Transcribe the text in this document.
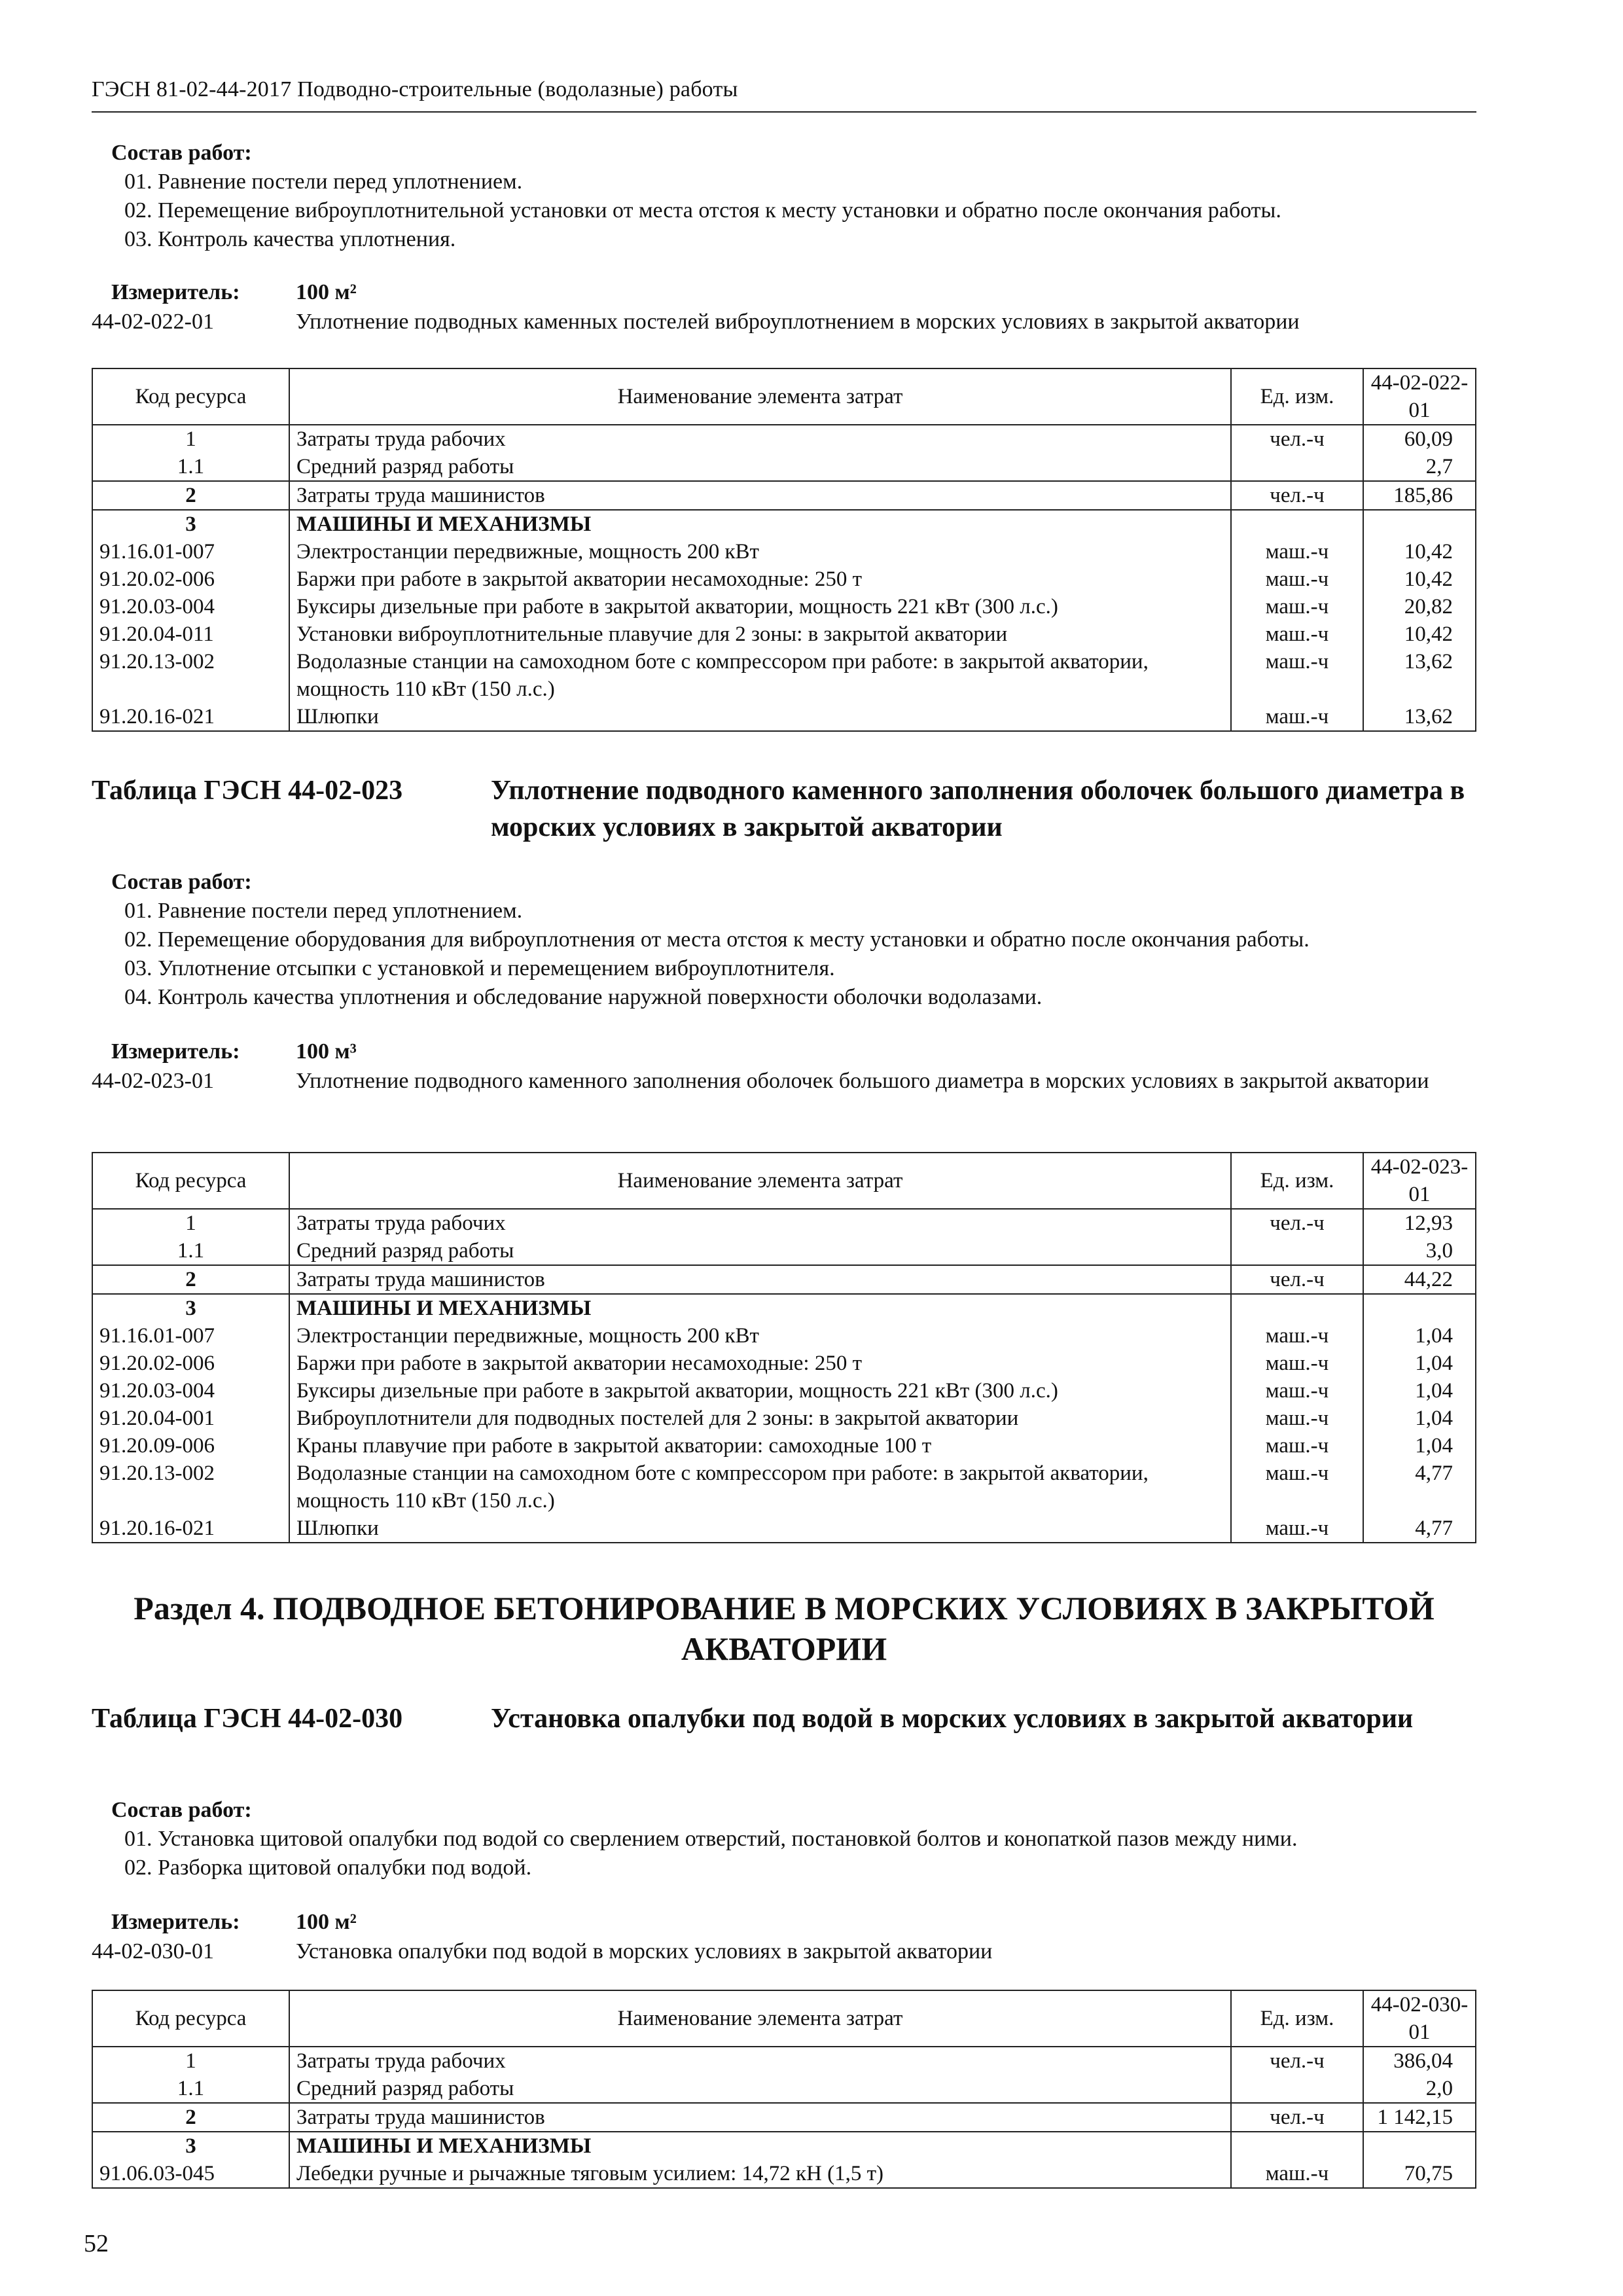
ГЭСН 81-02-44-2017 Подводно-строительные (водолазные) работы
Состав работ:
01. Равнение постели перед уплотнением.
02. Перемещение виброуплотнительной установки от места отстоя к месту установки и обратно после окончания работы.
03. Контроль качества уплотнения.
Измеритель:	100 м²
44-02-022-01	Уплотнение подводных каменных постелей виброуплотнением в морских условиях в закрытой акватории
Код ресурса	Наименование элемента затрат	Ед. изм.	44-02-022-01
1	Затраты труда рабочих	чел.-ч	60,09
1.1	Средний разряд работы		2,7
2	Затраты труда машинистов	чел.-ч	185,86
3	МАШИНЫ И МЕХАНИЗМЫ		
91.16.01-007	Электростанции передвижные, мощность 200 кВт	маш.-ч	10,42
91.20.02-006	Баржи при работе в закрытой акватории несамоходные: 250 т	маш.-ч	10,42
91.20.03-004	Буксиры дизельные при работе в закрытой акватории, мощность 221 кВт (300 л.с.)	маш.-ч	20,82
91.20.04-011	Установки виброуплотнительные плавучие для 2 зоны: в закрытой акватории	маш.-ч	10,42
91.20.13-002	Водолазные станции на самоходном боте с компрессором при работе: в закрытой акватории, мощность 110 кВт (150 л.с.)	маш.-ч	13,62
91.20.16-021	Шлюпки	маш.-ч	13,62
Таблица ГЭСН 44-02-023	Уплотнение подводного каменного заполнения оболочек большого диаметра в морских условиях в закрытой акватории
Состав работ:
01. Равнение постели перед уплотнением.
02. Перемещение оборудования для виброуплотнения от места отстоя к месту установки и обратно после окончания работы.
03. Уплотнение отсыпки с установкой и перемещением виброуплотнителя.
04. Контроль качества уплотнения и обследование наружной поверхности оболочки водолазами.
Измеритель:	100 м³
44-02-023-01	Уплотнение подводного каменного заполнения оболочек большого диаметра в морских условиях в закрытой акватории
Код ресурса	Наименование элемента затрат	Ед. изм.	44-02-023-01
1	Затраты труда рабочих	чел.-ч	12,93
1.1	Средний разряд работы		3,0
2	Затраты труда машинистов	чел.-ч	44,22
3	МАШИНЫ И МЕХАНИЗМЫ		
91.16.01-007	Электростанции передвижные, мощность 200 кВт	маш.-ч	1,04
91.20.02-006	Баржи при работе в закрытой акватории несамоходные: 250 т	маш.-ч	1,04
91.20.03-004	Буксиры дизельные при работе в закрытой акватории, мощность 221 кВт (300 л.с.)	маш.-ч	1,04
91.20.04-001	Виброуплотнители для подводных постелей для 2 зоны: в закрытой акватории	маш.-ч	1,04
91.20.09-006	Краны плавучие при работе в закрытой акватории: самоходные 100 т	маш.-ч	1,04
91.20.13-002	Водолазные станции на самоходном боте с компрессором при работе: в закрытой акватории, мощность 110 кВт (150 л.с.)	маш.-ч	4,77
91.20.16-021	Шлюпки	маш.-ч	4,77
Раздел 4. ПОДВОДНОЕ БЕТОНИРОВАНИЕ В МОРСКИХ УСЛОВИЯХ В ЗАКРЫТОЙ АКВАТОРИИ
Таблица ГЭСН 44-02-030	Установка опалубки под водой в морских условиях в закрытой акватории
Состав работ:
01. Установка щитовой опалубки под водой со сверлением отверстий, постановкой болтов и конопаткой пазов между ними.
02. Разборка щитовой опалубки под водой.
Измеритель:	100 м²
44-02-030-01	Установка опалубки под водой в морских условиях в закрытой акватории
Код ресурса	Наименование элемента затрат	Ед. изм.	44-02-030-01
1	Затраты труда рабочих	чел.-ч	386,04
1.1	Средний разряд работы		2,0
2	Затраты труда машинистов	чел.-ч	1 142,15
3	МАШИНЫ И МЕХАНИЗМЫ		
91.06.03-045	Лебедки ручные и рычажные тяговым усилием: 14,72 кН (1,5 т)	маш.-ч	70,75
52
